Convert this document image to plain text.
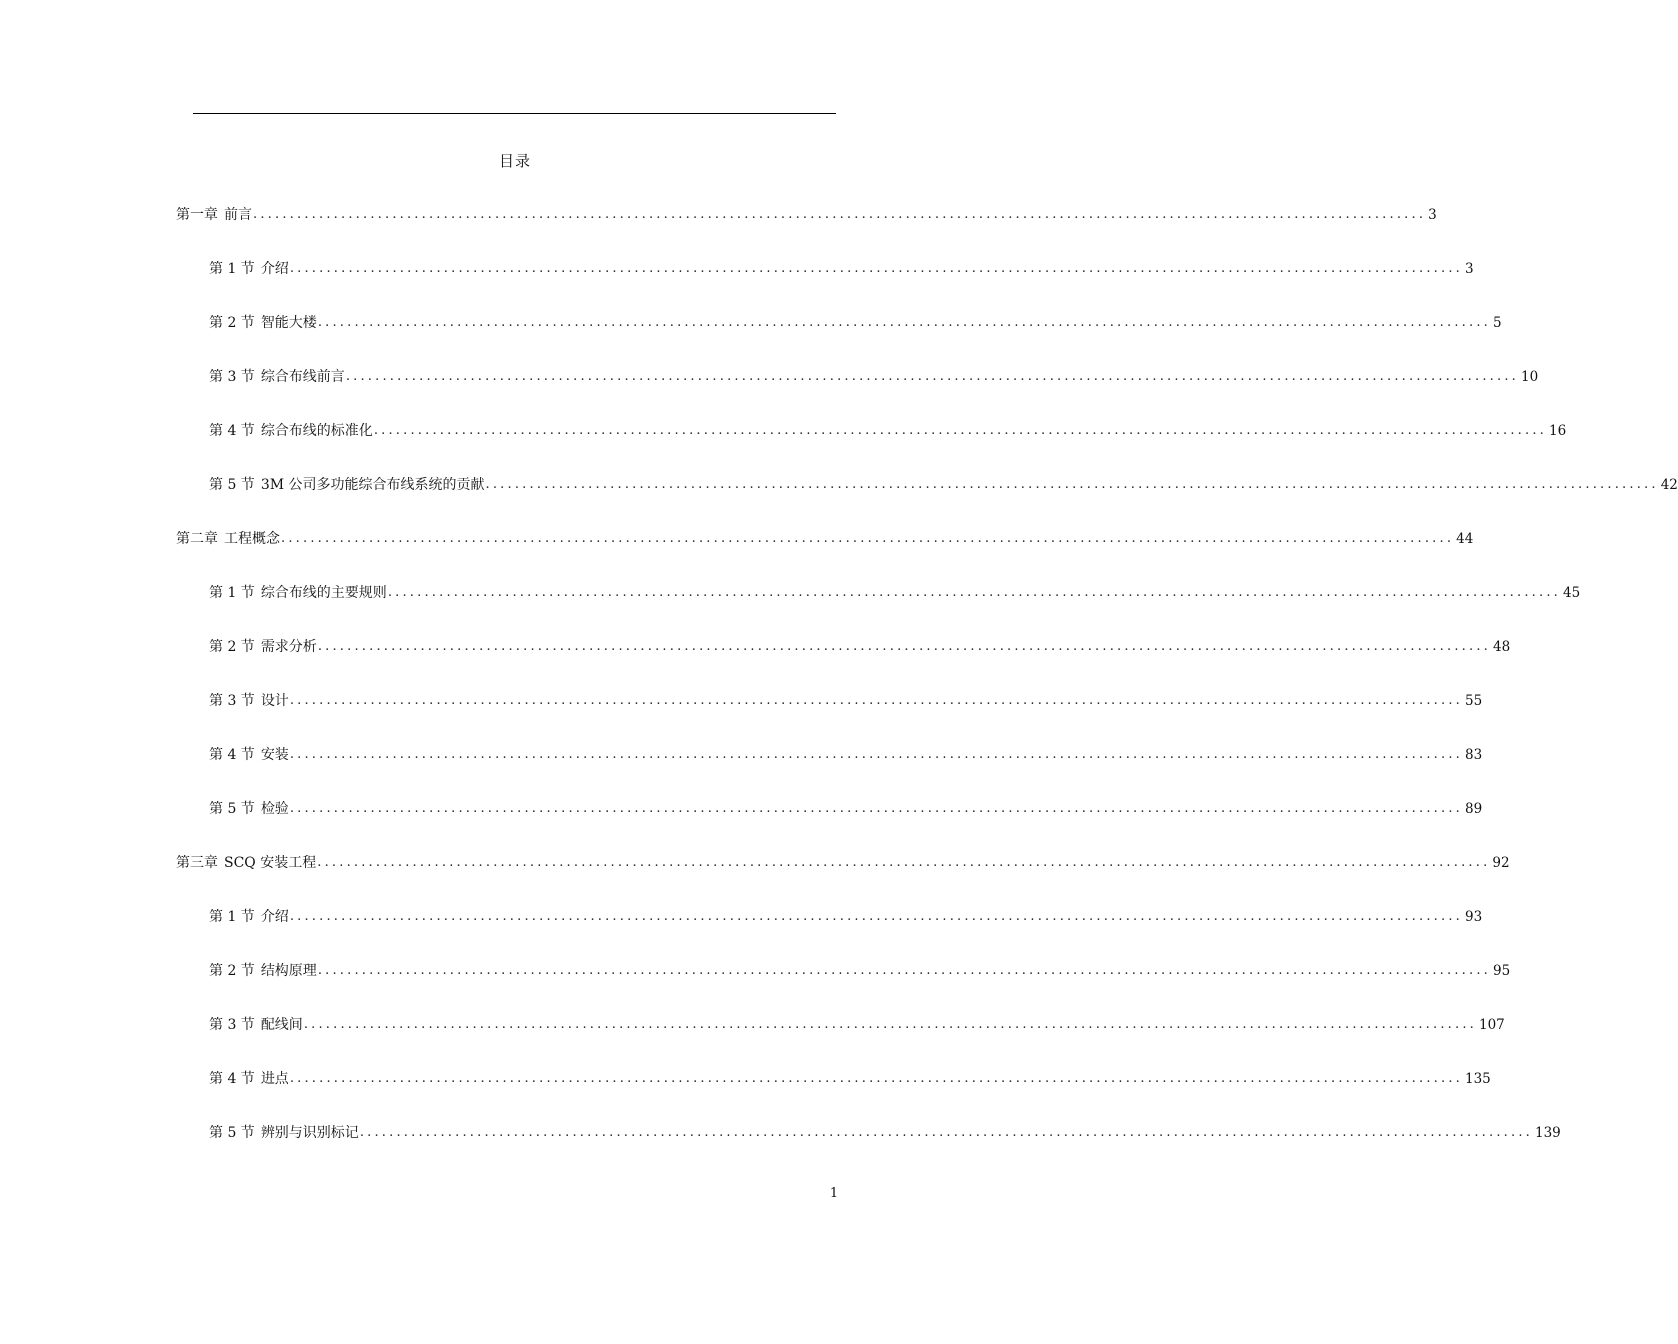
目录
第一章 前言 ................................................................................................................................................................ 3
第 1 节 介绍 ................................................................................................................................................................ 3
第 2 节 智能大楼 ................................................................................................................................................................ 5
第 3 节 综合布线前言 ................................................................................................................................................................ 10
第 4 节 综合布线的标准化 ................................................................................................................................................................ 16
第 5 节 3M 公司多功能综合布线系统的贡献 ................................................................................................................................................................ 42
第二章 工程概念 ................................................................................................................................................................ 44
第 1 节 综合布线的主要规则 ................................................................................................................................................................ 45
第 2 节 需求分析 ................................................................................................................................................................ 48
第 3 节 设计 ................................................................................................................................................................ 55
第 4 节 安装 ................................................................................................................................................................ 83
第 5 节 检验 ................................................................................................................................................................ 89
第三章 SCQ 安装工程 ................................................................................................................................................................ 92
第 1 节 介绍 ................................................................................................................................................................ 93
第 2 节 结构原理 ................................................................................................................................................................ 95
第 3 节 配线间 ................................................................................................................................................................ 107
第 4 节 进点 ................................................................................................................................................................ 135
第 5 节 辨别与识别标记 ................................................................................................................................................................ 139
1
